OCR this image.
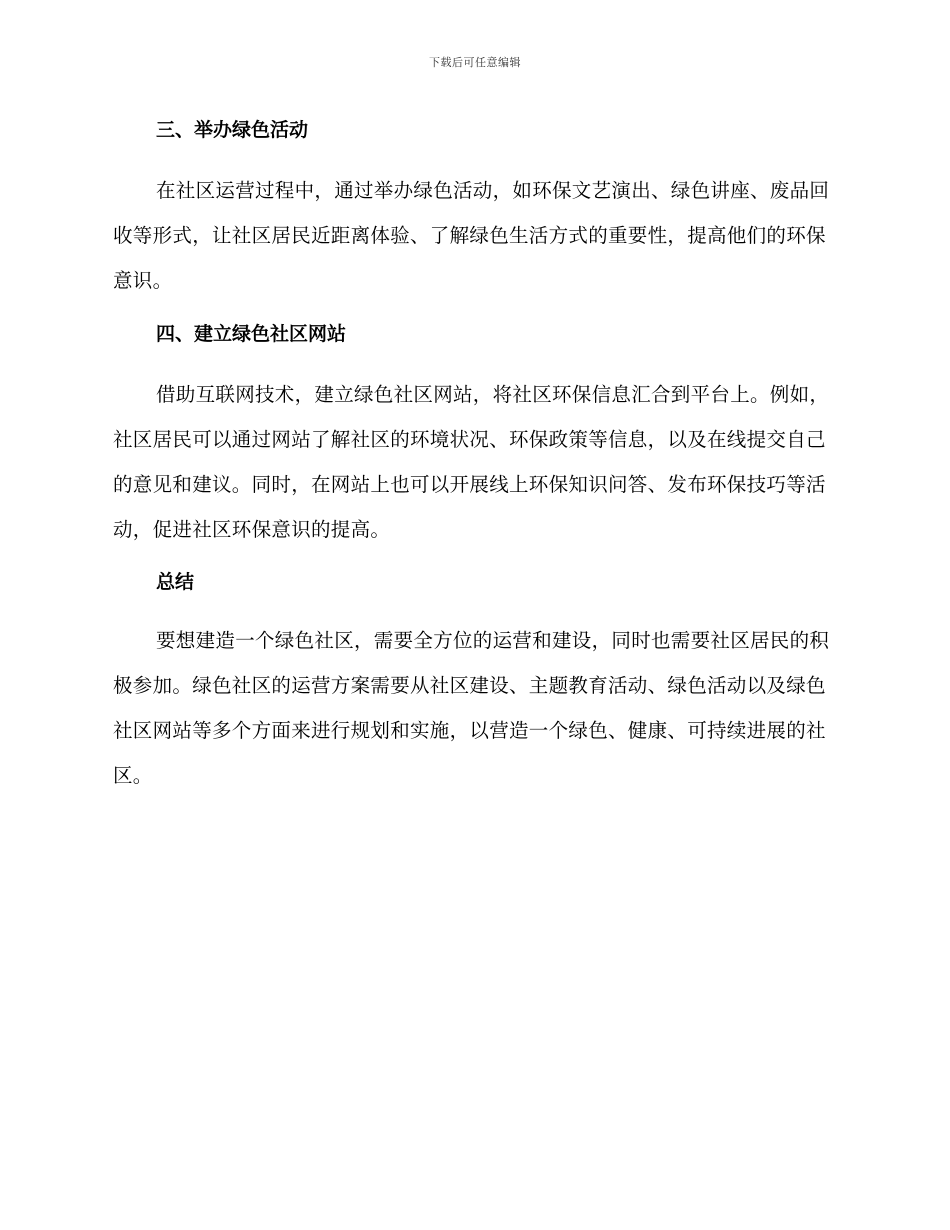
下载后可任意编辑
三、举办绿色活动

在社区运营过程中，通过举办绿色活动，如环保文艺演出、绿色讲座、废品回收等形式，让社区居民近距离体验、了解绿色生活方式的重要性，提高他们的环保意识。

四、建立绿色社区网站

借助互联网技术，建立绿色社区网站，将社区环保信息汇合到平台上。例如，社区居民可以通过网站了解社区的环境状况、环保政策等信息，以及在线提交自己的意见和建议。同时，在网站上也可以开展线上环保知识问答、发布环保技巧等活动，促进社区环保意识的提高。

总结

要想建造一个绿色社区，需要全方位的运营和建设，同时也需要社区居民的积极参加。绿色社区的运营方案需要从社区建设、主题教育活动、绿色活动以及绿色社区网站等多个方面来进行规划和实施，以营造一个绿色、健康、可持续进展的社区。
